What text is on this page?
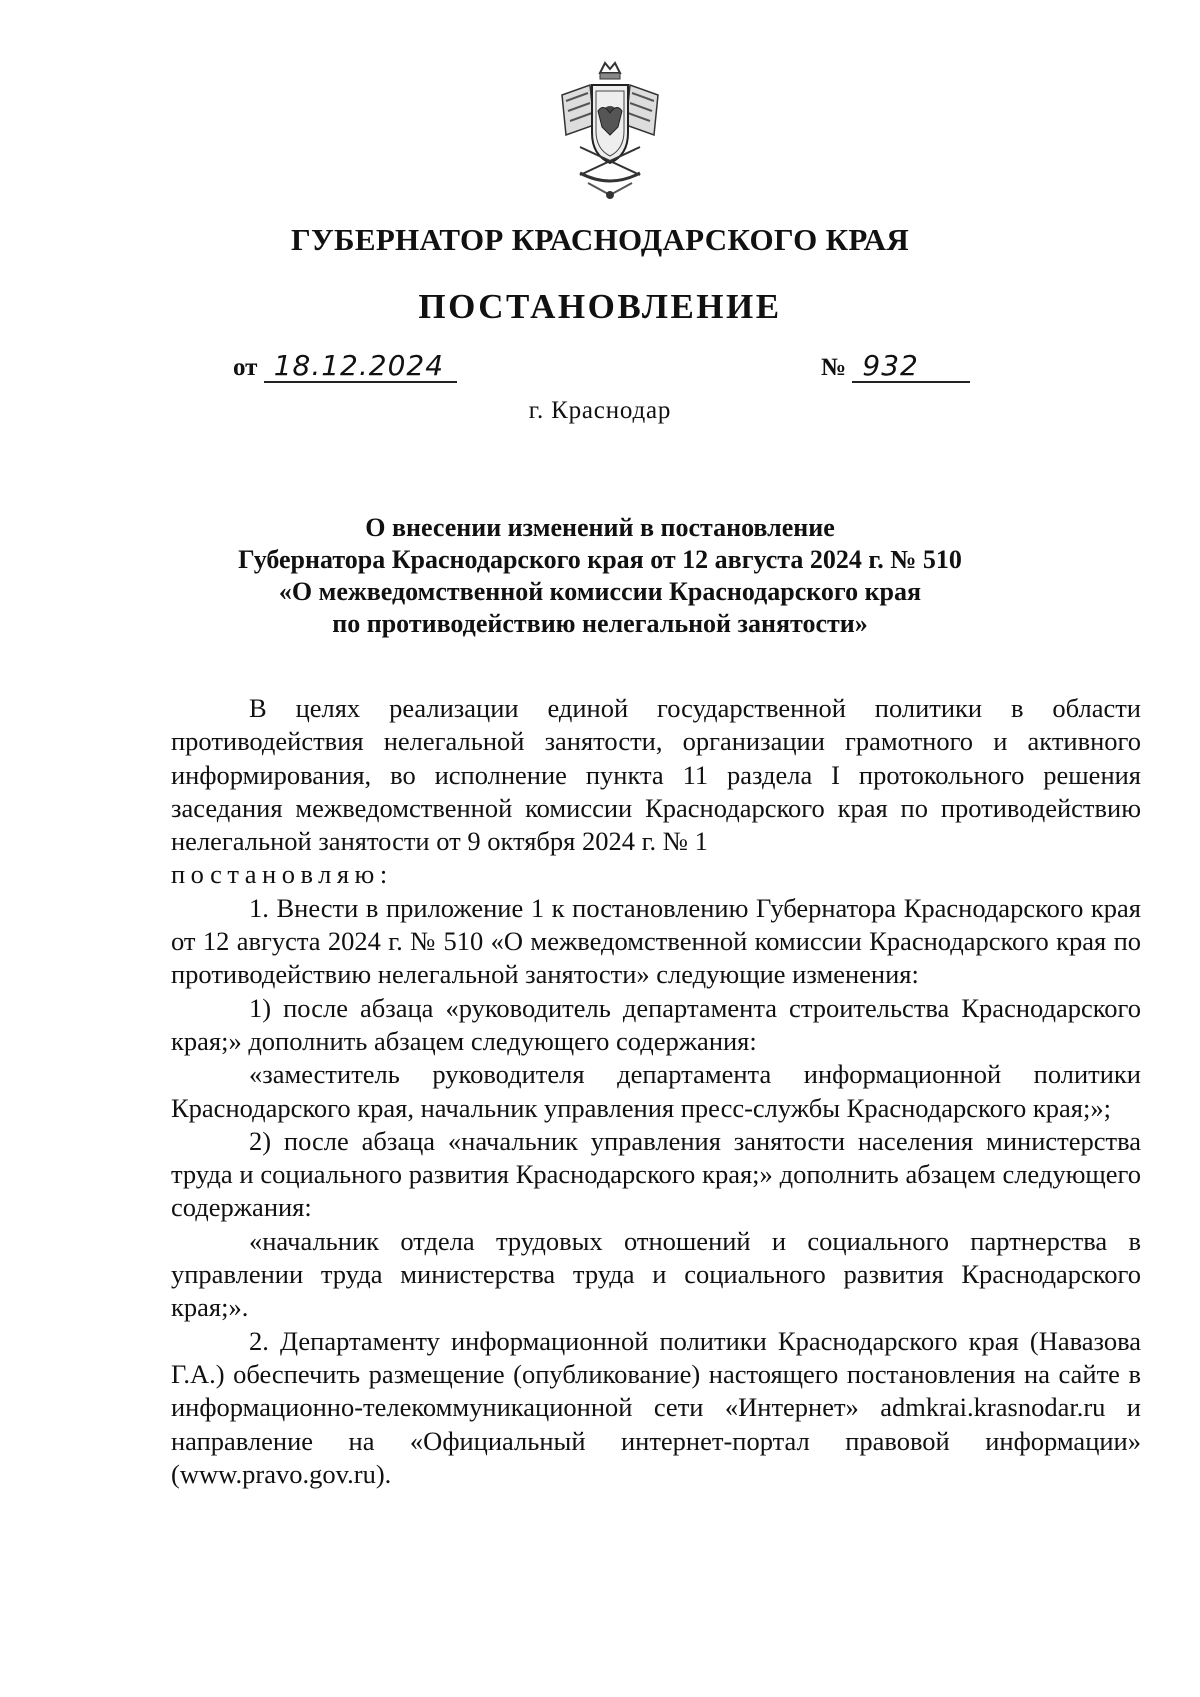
ГУБЕРНАТОР КРАСНОДАРСКОГО КРАЯ
ПОСТАНОВЛЕНИЕ
от 18.12.2024	№ 932
г. Краснодар
О внесении изменений в постановление
Губернатора Краснодарского края от 12 августа 2024 г. № 510
«О межведомственной комиссии Краснодарского края
по противодействию нелегальной занятости»

В целях реализации единой государственной политики в области противодействия нелегальной занятости, организации грамотного и активного информирования, во исполнение пункта 11 раздела I протокольного решения заседания межведомственной комиссии Краснодарского края по противодействию нелегальной занятости от 9 октября 2024 г. № 1

постановляю:

1. Внести в приложение 1 к постановлению Губернатора Краснодарского края от 12 августа 2024 г. № 510 «О межведомственной комиссии Краснодарского края по противодействию нелегальной занятости» следующие изменения:

1) после абзаца «руководитель департамента строительства Краснодарского края;» дополнить абзацем следующего содержания:

«заместитель руководителя департамента информационной политики Краснодарского края, начальник управления пресс-службы Краснодарского края;»;

2) после абзаца «начальник управления занятости населения министерства труда и социального развития Краснодарского края;» дополнить абзацем следующего содержания:

«начальник отдела трудовых отношений и социального партнерства в управлении труда министерства труда и социального развития Краснодарского края;».

2. Департаменту информационной политики Краснодарского края (Навазова Г.А.) обеспечить размещение (опубликование) настоящего постановления на сайте в информационно-телекоммуникационной сети «Интернет» admkrai.krasnodar.ru и направление на «Официальный интернет-портал правовой информации» (www.pravo.gov.ru).
